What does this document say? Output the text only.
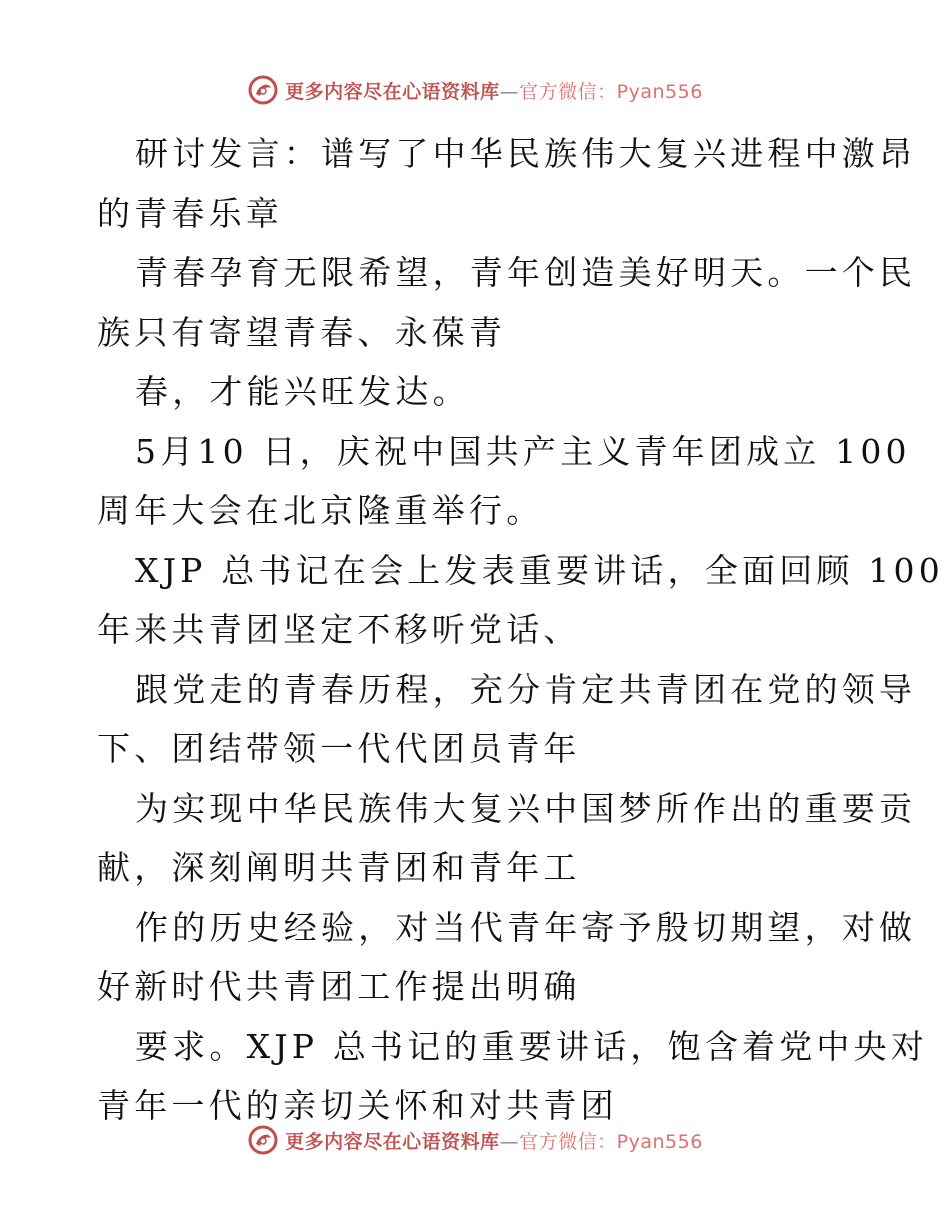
更多内容尽在心语资料库—官方微信：Pyan556
研讨发言：谱写了中华民族伟大复兴进程中激昂
的青春乐章
青春孕育无限希望，青年创造美好明天。一个民
族只有寄望青春、永葆青
春，才能兴旺发达。
5月10 日，庆祝中国共产主义青年团成立 100
周年大会在北京隆重举行。
XJP 总书记在会上发表重要讲话，全面回顾 100
年来共青团坚定不移听党话、
跟党走的青春历程，充分肯定共青团在党的领导
下、团结带领一代代团员青年
为实现中华民族伟大复兴中国梦所作出的重要贡
献，深刻阐明共青团和青年工
作的历史经验，对当代青年寄予殷切期望，对做
好新时代共青团工作提出明确
要求。XJP 总书记的重要讲话，饱含着党中央对
青年一代的亲切关怀和对共青团
更多内容尽在心语资料库—官方微信：Pyan556
